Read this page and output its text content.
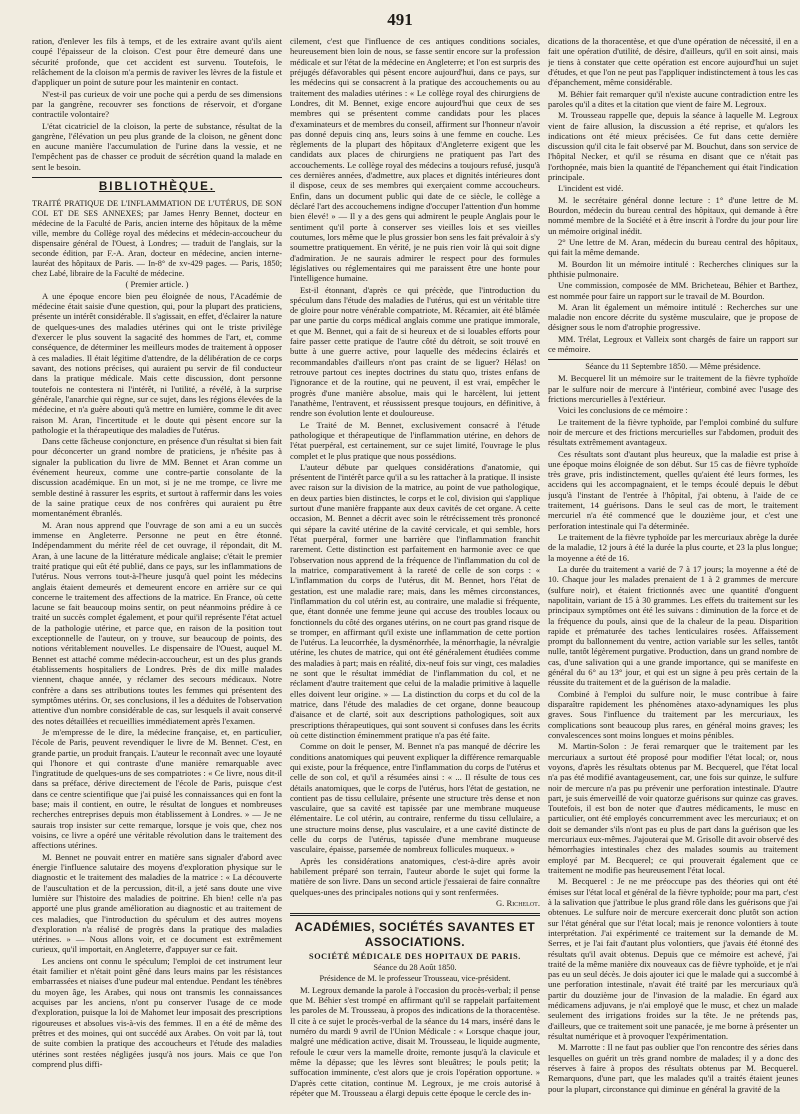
491

ration, d'enlever les fils à temps, et de les extraire avant qu'ils aient coupé l'épaisseur de la cloison. C'est pour être demeuré dans une sécurité profonde, que cet accident est survenu. Toutefois, le relâchement de la cloison m'a permis de raviver les lèvres de la fistule et d'appliquer un point de suture pour les maintenir en contact.

N'est-il pas curieux de voir une poche qui a perdu de ses dimensions par la gangrène, recouvrer ses fonctions de réservoir, et d'organe contractile volontaire?

L'état cicatriciel de la cloison, la perte de substance, résultat de la gangrène, l'élévation un peu plus grande de la cloison, ne gênent donc en aucune manière l'accumulation de l'urine dans la vessie, et ne l'empêchent pas de chasser ce produit de sécrétion quand la malade en sent le besoin.

BIBLIOTHÈQUE.

TRAITÉ PRATIQUE DE L'INFLAMMATION DE L'UTÉRUS, DE SON COL ET DE SES ANNEXES; par James Henry Bennet, docteur en médecine de la Faculté de Paris, ancien interne des hôpitaux de la même ville, membre du Collège royal des médecins et médecin-accoucheur du dispensaire général de l'Ouest, à Londres; — traduit de l'anglais, sur la seconde édition, par F.-A. Aran, docteur en médecine, ancien interne-lauréat des hôpitaux de Paris. — In-8° de xv-429 pages. — Paris, 1850; chez Labé, libraire de la Faculté de médecine.

( Premier article. )

A une époque encore bien peu éloignée de nous, l'Académie de médecine était saisie d'une question, qui, pour la plupart des praticiens, présente un intérêt considérable. Il s'agissait, en effet, d'éclairer la nature de quelques-unes des maladies utérines qui ont le triste privilège d'exercer le plus souvent la sagacité des hommes de l'art, et, comme conséquence, de déterminer les meilleurs modes de traitement à opposer à ces maladies. Il était légitime d'attendre, de la délibération de ce corps savant, des notions précises, qui auraient pu servir de fil conducteur dans la pratique médicale. Mais cette discussion, dont personne toutefois ne contestera ni l'intérêt, ni l'utilité, a révélé, à la surprise générale, l'anarchie qui règne, sur ce sujet, dans les régions élevées de la médecine, et n'a guère abouti qu'à mettre en lumière, comme le dit avec raison M. Aran, l'incertitude et le doute qui pèsent encore sur la pathologie et la thérapeutique des maladies de l'utérus.

Dans cette fâcheuse conjoncture, en présence d'un résultat si bien fait pour déconcerter un grand nombre de praticiens, je n'hésite pas à signaler la publication du livre de MM. Bennet et Aran comme un événement heureux, comme une contre-partie consolante de la discussion académique. En un mot, si je ne me trompe, ce livre me semble destiné à rassurer les esprits, et surtout à raffermir dans les voies de la saine pratique ceux de nos confrères qui auraient pu être momentanément ébranlés.

M. Aran nous apprend que l'ouvrage de son ami a eu un succès immense en Angleterre. Personne ne peut en être étonné. Indépendamment du mérite réel de cet ouvrage, il répondait, dit M. Aran, à une lacune de la littérature médicale anglaise; c'était le premier traité pratique qui eût été publié, dans ce pays, sur les inflammations de l'utérus. Nous verrons tout-à-l'heure jusqu'à quel point les médecins anglais étaient demeurés et demeurent encore en arrière sur ce qui concerne le traitement des affections de la matrice. En France, où cette lacune se fait beaucoup moins sentir, on peut néanmoins prédire à ce traité un succès complet également, et pour qui'il représente l'état actuel de la pathologie utérine, et parce que, en raison de la position tout exceptionnelle de l'auteur, on y trouve, sur beaucoup de points, des notions véritablement nouvelles. Le dispensaire de l'Ouest, auquel M. Bennet est attaché comme médecin-accoucheur, est un des plus grands établissements hospitaliers de Londres. Près de dix mille malades viennent, chaque année, y réclamer des secours médicaux. Notre confrère a dans ses attributions toutes les femmes qui présentent des symptômes utérins. Or, ses conclusions, il les a déduites de l'observation attentive d'un nombre considérable de cas, sur lesquels il avait conservé des notes détaillées et recueillies immédiatement après l'examen.

Je m'empresse de le dire, la médecine française, et, en particulier, l'école de Paris, peuvent revendiquer le livre de M. Bennet. C'est, en grande partie, un produit français. L'auteur le reconnaît avec une loyauté qui l'honore et qui contraste d'une manière remarquable avec l'ingratitude de quelques-uns de ses compatriotes : « Ce livre, nous dit-il dans sa préface, dérive directement de l'école de Paris, puisque c'est dans ce centre scientifique que j'ai puisé les connaissances qui en font la base; mais il contient, en outre, le résultat de longues et nombreuses recherches entreprises depuis mon établissement à Londres. » — Je ne saurais trop insister sur cette remarque, lorsque je vois que, chez nos voisins, ce livre a opéré une véritable révolution dans le traitement des affections utérines.

M. Bennet ne pouvait entrer en matière sans signaler d'abord avec énergie l'influence salutaire des moyens d'exploration physique sur le diagnostic et le traitement des maladies de la matrice : « La découverte de l'auscultation et de la percussion, dit-il, a jeté sans doute une vive lumière sur l'histoire des maladies de poitrine. Eh bien! celle n'a pas apporté une plus grande amélioration au diagnostic et au traitement de ces maladies, que l'introduction du spéculum et des autres moyens d'exploration n'a réalisé de progrès dans la pratique des maladies utérines. » — Nous allons voir, et ce document est extrêmement curieux, qu'il importait, en Angleterre, d'appuyer sur ce fait.

Les anciens ont connu le spéculum; l'emploi de cet instrument leur était familier et n'était point gêné dans leurs mains par les résistances embarrassées et niaises d'une pudeur mal entendue. Pendant les ténèbres du moyen âge, les Arabes, qui nous ont transmis les connaissances acquises par les anciens, n'ont pu conserver l'usage de ce mode d'exploration, puisque la loi de Mahomet leur imposait des prescriptions rigoureuses et absolues vis-à-vis des femmes. Il en a été de même des prêtres et des moines, qui ont succédé aux Arabes. On voit par là, tout de suite combien la pratique des accoucheurs et l'étude des maladies utérines sont restées négligées jusqu'à nos jours. Mais ce que l'on comprend plus diffi-

cilement, c'est que l'influence de ces antiques conditions sociales, heureusement bien loin de nous, se fasse sentir encore sur la profession médicale et sur l'état de la médecine en Angleterre; et l'on est surpris des préjugés défavorables qui pèsent encore aujourd'hui, dans ce pays, sur les médecins qui se consacrent à la pratique des accouchements ou au traitement des maladies utérines : « Le collège royal des chirurgiens de Londres, dit M. Bennet, exige encore aujourd'hui que ceux de ses membres qui se présentent comme candidats pour les places d'examinateurs et de membres du conseil, affirment sur l'honneur n'avoir pas donné depuis cinq ans, leurs soins à une femme en couche. Les règlements de la plupart des hôpitaux d'Angleterre exigent que les candidats aux places de chirurgiens ne pratiquent pas l'art des accouchements. Le collège royal des médecins a toujours refusé, jusqu'à ces dernières années, d'admettre, aux places et dignités intérieures dont il dispose, ceux de ses membres qui exerçaient comme accoucheurs. Enfin, dans un document public qui date de ce siècle, le collège a déclaré l'art des accouchemens indigne d'occuper l'attention d'un homme bien élevé! » — Il y a des gens qui admirent le peuple Anglais pour le sentiment qu'il porte à conserver ses vieilles lois et ses vieilles coutumes, lors même que le plus grossier bon sens les fait prévaloir à s'y soumettre pratiquement. En vérité, je ne puis rien voir là qui soit digne d'admiration. Je ne saurais admirer le respect pour des formules législatives ou réglementaires qui me paraissent être une honte pour l'intelligence humaine.

Est-il étonnant, d'après ce qui précède, que l'introduction du spéculum dans l'étude des maladies de l'utérus, qui est un véritable titre de gloire pour notre vénérable compatriote, M. Récamier, ait été blâmée par une partie du corps médical anglais comme une pratique immorale, et que M. Bennet, qui a fait de si heureux et de si louables efforts pour faire passer cette pratique de l'autre côté du détroit, se soit trouvé en butte à une guerre active, pour laquelle des médecins éclairés et recommandables d'ailleurs n'ont pas craint de se liguer? Hélas! on retrouve partout ces ineptes doctrines du statu quo, tristes enfans de l'ignorance et de la routine, qui ne peuvent, il est vrai, empêcher le progrès d'une manière absolue, mais qui le harcèlent, lui jettent l'anathème, l'entravent, et réussissent presque toujours, en définitive, à rendre son évolution lente et douloureuse.

Le Traité de M. Bennet, exclusivement consacré à l'étude pathologique et thérapeutique de l'inflammation utérine, en dehors de l'état puerpéral, est certainement, sur ce sujet limité, l'ouvrage le plus complet et le plus pratique que nous possédions.

L'auteur débute par quelques considérations d'anatomie, qui présentent de l'intérêt parce qu'il a su les rattacher à la pratique. Il insiste avec raison sur la division de la matrice, au point de vue pathologique, en deux parties bien distinctes, le corps et le col, division qui s'applique surtout d'une manière frappante aux deux cavités de cet organe. A cette occasion, M. Bennet a décrit avec soin le rétrécissement très prononcé qui sépare la cavité utérine de la cavité cervicale, et qui semble, hors l'état puerpéral, former une barrière que l'inflammation franchit rarement. Cette distinction est parfaitement en harmonie avec ce que l'observation nous apprend de la fréquence de l'inflammation du col de la matrice, comparativement à la rareté de celle de son corps : « L'inflammation du corps de l'utérus, dit M. Bennet, hors l'état de gestation, est une maladie rare; mais, dans les mêmes circonstances, l'inflammation du col utérin est, au contraire, une maladie si fréquente, que, étant donnée une femme jeune qui accuse des troubles locaux ou fonctionnels du côté des organes utérins, on ne court pas grand risque de se tromper, en affirmant qu'il existe une inflammation de cette portion de l'utérus. La leucorrhée, la dysménorrhée, la ménorrhagie, la névralgie utérine, les chutes de matrice, qui ont été généralement étudiées comme des maladies à part; mais en réalité, dix-neuf fois sur vingt, ces maladies ne sont que le résultat immédiat de l'inflammation du col, et ne réclament d'autre traitement que celui de la maladie primitive à laquelle elles doivent leur origine. » — La distinction du corps et du col de la matrice, dans l'étude des maladies de cet organe, donne beaucoup d'aisance et de clarté, soit aux descriptions pathologiques, soit aux prescriptions thérapeutiques, qui sont souvent si confuses dans les écrits où cette distinction éminemment pratique n'a pas été faite.

Comme on doit le penser, M. Bennet n'a pas manqué de décrire les conditions anatomiques qui peuvent expliquer la différence remarquable qui existe, pour la fréquence, entre l'inflammation du corps de l'utérus et celle de son col, et qu'il a résumées ainsi : « ... Il résulte de tous ces détails anatomiques, que le corps de l'utérus, hors l'état de gestation, ne contient pas de tissu cellulaire, présente une structure très dense et non vasculaire, que sa cavité est tapissée par une membrane muqueuse élémentaire. Le col utérin, au contraire, renferme du tissu cellulaire, a une structure moins dense, plus vasculaire, et a une cavité distincte de celle du corps de l'utérus, tapissée d'une membrane muqueuse vasculaire, épaisse, parsemée de nombreux follicules muqueux. »

Après les considérations anatomiques, c'est-à-dire après avoir habilement préparé son terrain, l'auteur aborde le sujet qui forme la matière de son livre. Dans un second article j'essaierai de faire connaître quelques-unes des principales notions qui y sont renfermées.

G. Richelot.

ACADÉMIES, SOCIÉTÉS SAVANTES ET ASSOCIATIONS.
SOCIÉTÉ MÉDICALE DES HOPITAUX DE PARIS.
Séance du 28 Août 1850.
Présidence de M. le professeur Trousseau, vice-président.

M. Legroux demande la parole à l'occasion du procès-verbal; il pense que M. Béhier s'est trompé en affirmant qu'il se rappelait parfaitement les paroles de M. Trousseau, à propos des indications de la thoracentèse. Il cite à ce sujet le procès-verbal de la séance du 14 mars, inséré dans le numéro du mardi 9 avril de l'Union Médicale : « Lorsque chaque jour, malgré une médication active, disait M. Trousseau, le liquide augmente, refoule le cœur vers la mamelle droite, remonte jusqu'à la clavicule et même la dépasse; que les lèvres sont bleuâtres; le pouls petit; la suffocation imminente, c'est alors que je crois l'opération opportune. » D'après cette citation, continue M. Legroux, je me crois autorisé à répéter que M. Trousseau a élargi depuis cette époque le cercle des in-

dications de la thoracentèse, et que d'une opération de nécessité, il en a fait une opération d'utilité, de désire, d'ailleurs, qu'il en soit ainsi, mais je tiens à constater que cette opération est encore aujourd'hui un sujet d'études, et que l'on ne peut pas l'appliquer indistinctement à tous les cas d'épanchement, même considérable.

M. Béhier fait remarquer qu'il n'existe aucune contradiction entre les paroles qu'il a dites et la citation que vient de faire M. Legroux.

M. Trousseau rappelle que, depuis la séance à laquelle M. Legroux vient de faire allusion, la discussion a été reprise, et qu'alors les indications ont été mieux précisées. Ce fut dans cette dernière discussion qu'il cita le fait observé par M. Bouchut, dans son service de l'hôpital Necker, et qu'il se résuma en disant que ce n'était pas l'orthopnée, mais bien la quantité de l'épanchement qui était l'indication principale.

L'incident est vidé.

M. le secrétaire général donne lecture : 1° d'une lettre de M. Bourdon, médecin du bureau central des hôpitaux, qui demande à être nommé membre de la Société et à être inscrit à l'ordre du jour pour lire un mémoire original inédit.

2° Une lettre de M. Aran, médecin du bureau central des hôpitaux, qui fait la même demande.

M. Bourdon lit un mémoire intitulé : Recherches cliniques sur la phthisie pulmonaire.

Une commission, composée de MM. Bricheteau, Béhier et Barthez, est nommée pour faire un rapport sur le travail de M. Bourdon.

M. Aran lit également un mémoire intitulé : Recherches sur une maladie non encore décrite du système musculaire, que je propose de désigner sous le nom d'atrophie progressive.

MM. Trélat, Legroux et Valleix sont chargés de faire un rapport sur ce mémoire.

Séance du 11 Septembre 1850. — Même présidence.

M. Becquerel lit un mémoire sur le traitement de la fièvre typhoïde par le sulfure noir de mercure à l'intérieur, combiné avec l'usage des frictions mercurielles à l'extérieur.

Voici les conclusions de ce mémoire :

Le traitement de la fièvre typhoïde, par l'emploi combiné du sulfure noir de mercure et des frictions mercurielles sur l'abdomen, produit des résultats extrêmement avantageux.

Ces résultats sont d'autant plus heureux, que la maladie est prise à une époque moins éloignée de son début. Sur 15 cas de fièvre typhoïde très grave, pris indistinctement, quelles qu'aient été leurs formes, les accidens qui les accompagnaient, et le temps écoulé depuis le début jusqu'à l'instant de l'entrée à l'hôpital, j'ai obtenu, à l'aide de ce traitement, 14 guérisons. Dans le seul cas de mort, le traitement mercuriel n'a été commencé que le douzième jour, et c'est une perforation intestinale qui l'a déterminée.

Le traitement de la fièvre typhoïde par les mercuriaux abrège la durée de la maladie, 12 jours à été la durée la plus courte, et 23 la plus longue; la moyenne a été de 16.

La durée du traitement a varié de 7 à 17 jours; la moyenne a été de 10. Chaque jour les malades prenaient de 1 à 2 grammes de mercure (sulfure noir), et étaient frictionnés avec une quantité d'onguent napolitain, variant de 15 à 30 grammes. Les effets du traitement sur les principaux symptômes ont été les suivans : diminution de la force et de la fréquence du pouls, ainsi que de la chaleur de la peau. Disparition rapide et prématurée des taches lenticulaires rosées. Affaissement prompt du ballonnement du ventre, action variable sur les selles, tantôt nulle, tantôt légèrement purgative. Production, dans un grand nombre de cas, d'une salivation qui a une grande importance, qui se manifeste en général du 6° au 13° jour, et qui est un signe à peu près certain de la réussite du traitement et de la guérison de la maladie.

Combiné à l'emploi du sulfure noir, le musc contribue à faire disparaître rapidement les phénomènes ataxo-adynamiques les plus graves. Sous l'influence du traitement par les mercuriaux, les complications sont beaucoup plus rares, en général moins graves; les convalescences sont moins longues et moins pénibles.

M. Martin-Solon : Je ferai remarquer que le traitement par les mercuriaux a surtout été proposé pour modifier l'état local; or, nous voyons, d'après les résultats obtenus par M. Becquerel, que l'état local n'a pas été modifié avantageusement, car, une fois sur quinze, le sulfure noir de mercure n'a pas pu prévenir une perforation intestinale. D'autre part, je suis émerveillé de voir quatorze guérisons sur quinze cas graves. Toutefois, il est bon de noter que d'autres médicaments, le musc en particulier, ont été employés concurremment avec les mercuriaux; et on doit se demander s'ils n'ont pas eu plus de part dans la guérison que les mercuriaux eux-mêmes. J'ajouterai que M. Grisolle dit avoir observé des hémorrhagies intestinales chez des malades soumis au traitement employé par M. Becquerel; ce qui prouverait également que ce traitement ne modifie pas heureusement l'état local.

M. Becquerel : Je ne me préoccupe pas des théories qui ont été émises sur l'état local et général de la fièvre typhoïde; pour ma part, c'est à la salivation que j'attribue le plus grand rôle dans les guérisons que j'ai obtenues. Le sulfure noir de mercure exercerait donc plutôt son action sur l'état général que sur l'état local; mais je renonce volontiers à toute interprétation. J'ai expérimenté ce traitement sur la demande de M. Serres, et je l'ai fait d'autant plus volontiers, que j'avais été étonné des résultats qu'il avait obtenus. Depuis que ce mémoire est achevé, j'ai traité de la même manière dix nouveaux cas de fièvre typhoïde, et je n'ai pas eu un seul décès. Je dois ajouter ici que le malade qui a succombé à une perforation intestinale, n'avait été traité par les mercuriaux qu'à partir du douzième jour de l'invasion de la maladie. En égard aux médicamens adjuvans, je n'ai employé que le musc, et chez un malade seulement des irrigations froides sur la tête. Je ne prétends pas, d'ailleurs, que ce traitement soit une panacée, je me borne à présenter un résultat numérique et à provoquer l'expérimentation.

M. Marrotte : Il ne faut pas oublier que l'on rencontre des séries dans lesquelles on guérit un très grand nombre de malades; il y a donc des réserves à faire à propos des résultats obtenus par M. Becquerel. Remarquons, d'une part, que les malades qu'il a traités étaient jeunes pour la plupart, circonstance qui diminue en général la gravité de la
